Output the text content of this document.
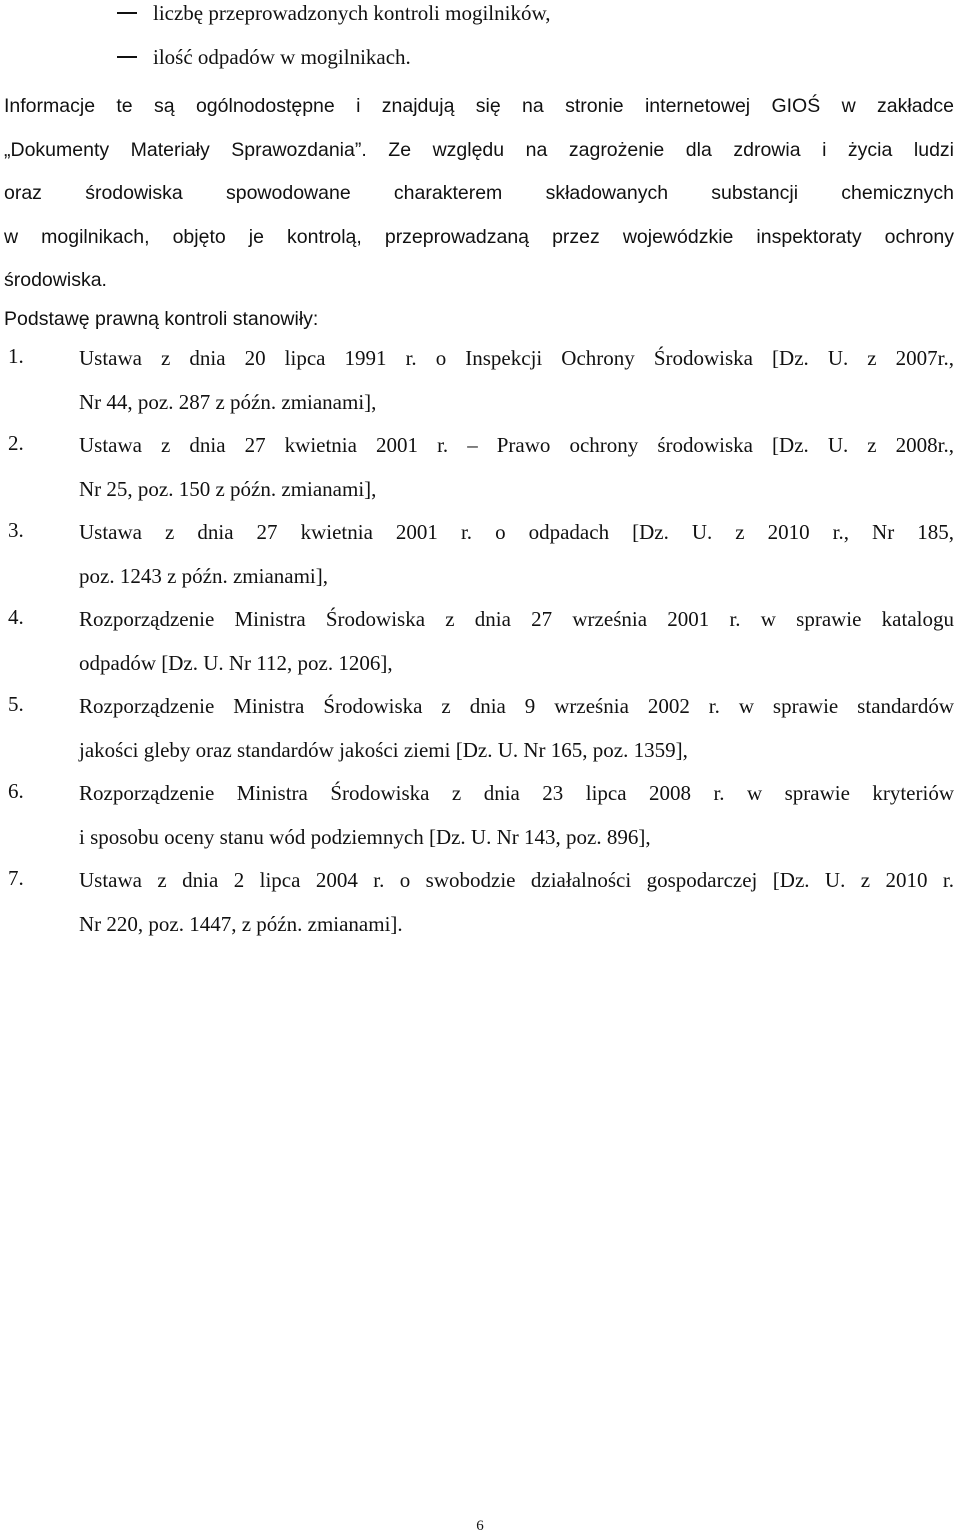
liczbę przeprowadzonych kontroli mogilników,
ilość odpadów w mogilnikach.

Informacje te są ogólnodostępne i znajdują się na stronie internetowej GIOŚ w zakładce
„Dokumenty Materiały Sprawozdania”. Ze względu na zagrożenie dla zdrowia i życia ludzi
oraz środowiska spowodowane charakterem składowanych substancji chemicznych
w mogilnikach, objęto je kontrolą, przeprowadzaną przez wojewódzkie inspektoraty ochrony
środowiska.

Podstawę prawną kontroli stanowiły:
1.	Ustawa z dnia 20 lipca 1991 r. o Inspekcji Ochrony Środowiska [Dz. U. z 2007r.,
Nr 44, poz. 287 z późn. zmianami],
2.	Ustawa z dnia 27 kwietnia 2001 r. – Prawo ochrony środowiska [Dz. U. z 2008r.,
Nr 25, poz. 150 z późn. zmianami],
3.	Ustawa z dnia 27 kwietnia 2001 r. o odpadach [Dz. U. z 2010 r., Nr 185,
poz. 1243 z późn. zmianami],
4.	Rozporządzenie Ministra Środowiska z dnia 27 września 2001 r. w sprawie katalogu
odpadów [Dz. U. Nr 112, poz. 1206],
5.	Rozporządzenie Ministra Środowiska z dnia 9 września 2002 r. w sprawie standardów
jakości gleby oraz standardów jakości ziemi [Dz. U. Nr 165, poz. 1359],
6.	Rozporządzenie Ministra Środowiska z dnia 23 lipca 2008 r. w sprawie kryteriów
i sposobu oceny stanu wód podziemnych [Dz. U. Nr 143, poz. 896],
7.	Ustawa z dnia 2 lipca 2004 r. o swobodzie działalności gospodarczej [Dz. U. z 2010 r.
Nr 220, poz. 1447, z późn. zmianami].
6
